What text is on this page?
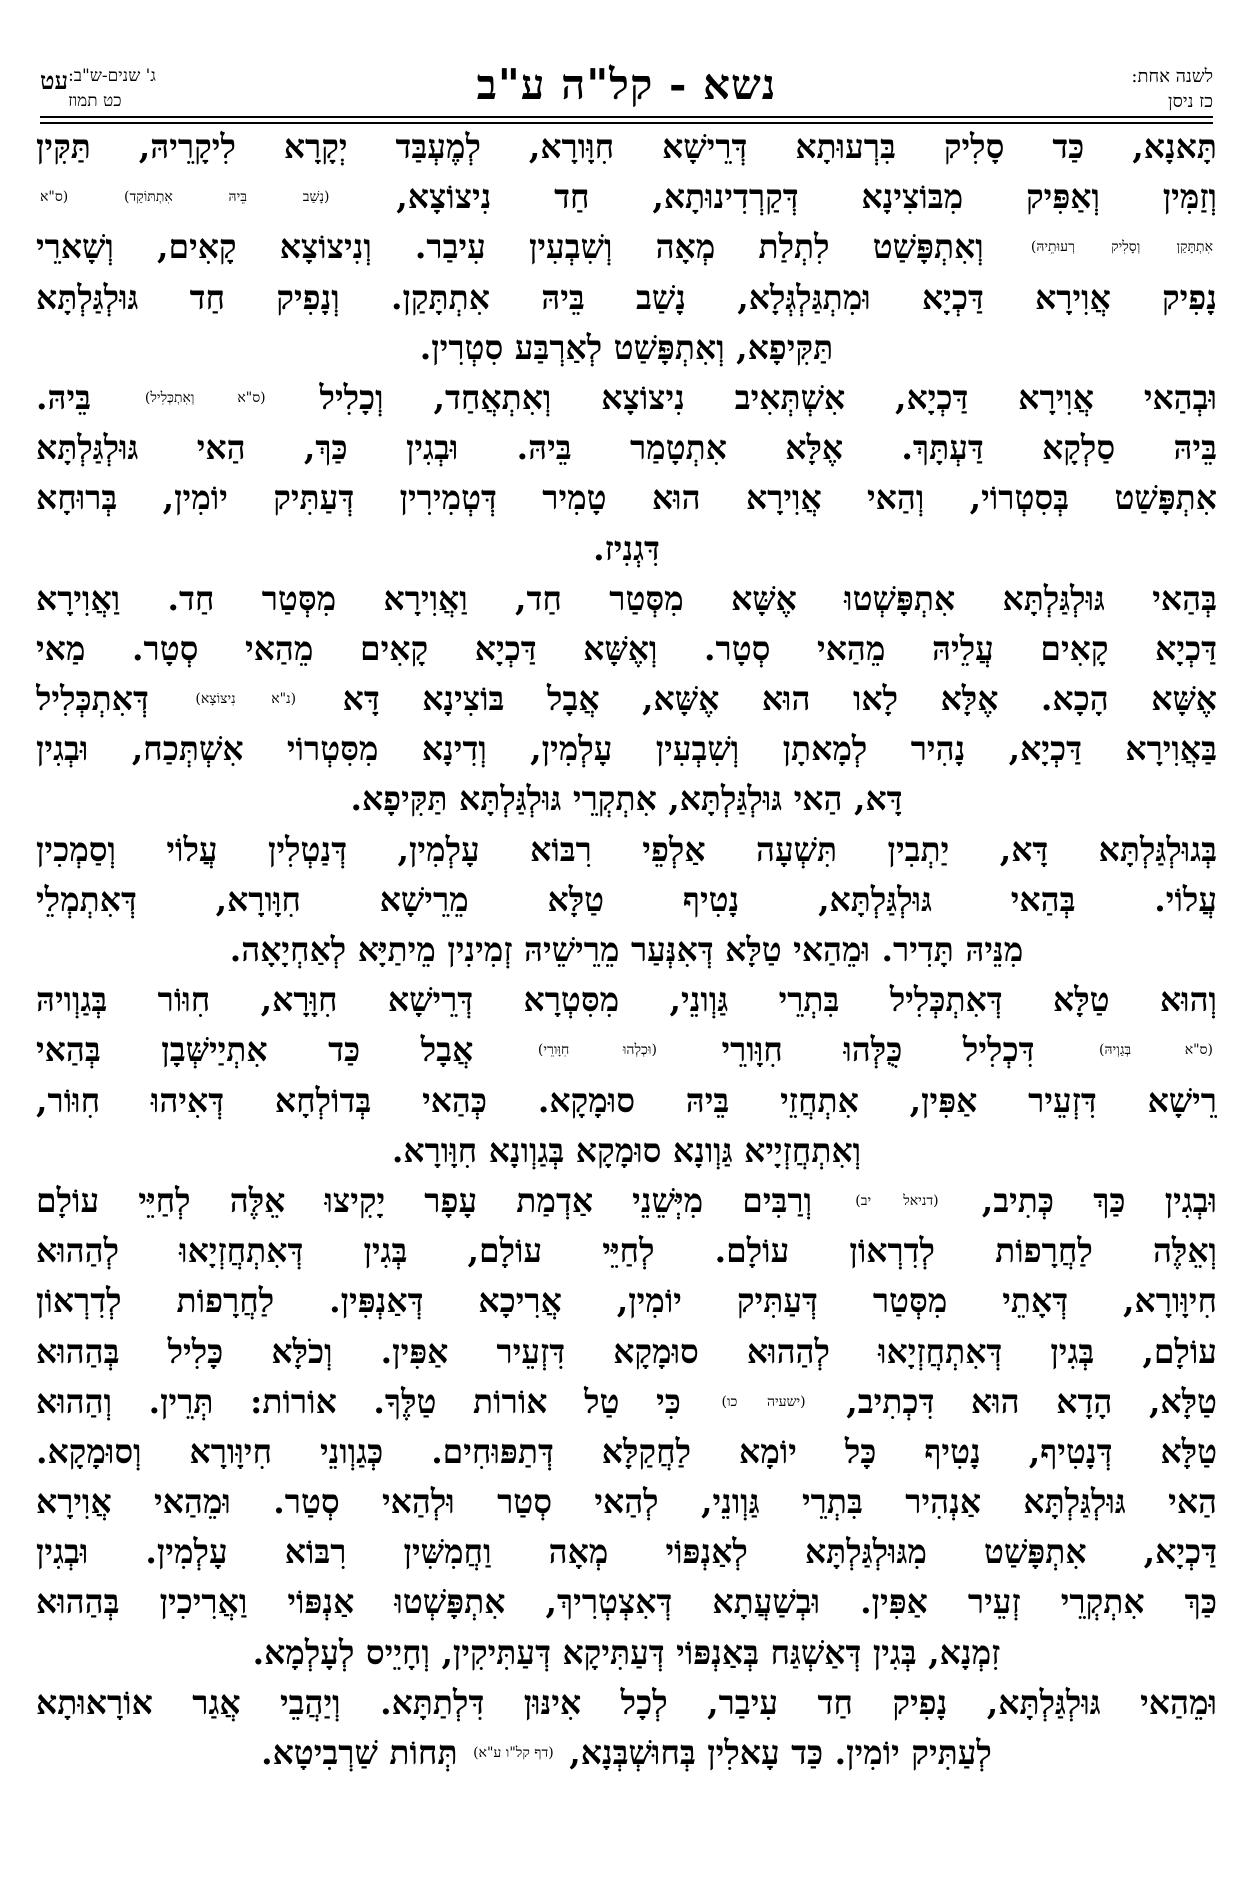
לשנה אחת:
כז ניסן
נשא - קל"ה ע"ב
ג' שנים-ש"ב:
כט תמוז
עט
תָּאנָא, כַּד סָלִיק בִּרְעוּתָא דְּרֵישָׁא חִוָּורָא, לְמֶעְבַּד יְקָרָא לִיקָרֵיהּ, תַּקִּין
וְזַמִּין וְאַפִּיק מִבּוֹצִינָא דְּקַרְדִינוּתָא, חַד נִיצוֹצָא, $^{(נָשַׁב בֵּיהּ אִתְתּוֹקַד) (ס"א}$
$^{אִתְתָּקַן וְסָלִיק רְעוּתֵיהּ)}$ וְאִתְפָּשַׁט לִתְלַת מְאָה וְשִׁבְעִין עִיבַר. וְנִיצוֹצָא קָאִים, וְשָׁארֵי
נָפִיק אֲוִירָא דַּכְיָא וּמִתְגַּלְגְּלָא, נָשַׁב בֵּיהּ אִתְתָּקַן. וְנָפִיק חַד גּוּלְגַּלְתָּא
תַּקִּיפָא, וְאִתְפָּשַׁט לְאַרְבַּע סִטְרִין.
וּבְהַאי אֲוִירָא דַּכְיָא, אִשְׁתְּאִיב נִיצוֹצָא וְאִתְאֲחַד, וְכָלִיל $^{(ס"א וְאִתְכְּלִיל)}$ בֵּיהּ.
בֵּיהּ סַלְקָא דַּעְתָּךְ. אֶלָּא אִתְטָמַר בֵּיהּ. וּבְגִין כַּךְ, הַאי גּוּלְגַּלְתָּא
אִתְפָּשַׁט בְּסִטְרוֹי, וְהַאי אֲוִירָא הוּא טָמִיר דְּטְמִירִין דְּעַתִּיק יוֹמִין, בְּרוּחָא
דִּגְנִיז.
בְּהַאי גּוּלְגַּלְתָּא אִתְפָּשְׁטוּ אֶשָּׁא מִסְּטַר חַד, וַאֲוִירָא מִסְּטַר חַד. וַאֲוִירָא
דַּכְיָא קָאִים עֲלֵיהּ מֵהַאי סְטָר. וְאֶשָּׁא דַּכְיָא קָאִים מֵהַאי סְטָר. מַאי
אֶשָּׁא הָכָא. אֶלָּא לָאו הוּא אֶשָּׁא, אֲבָל בּוֹצִינָא דָּא $^{(נ"א נִיצוֹצָא)}$ דְּאִתְכְּלִיל
בַּאֲוִירָא דַּכְיָא, נָהִיר לְמָאתָן וְשִׁבְעִין עָלְמִין, וְדִינָא מִסִּטְרוֹי אִשְׁתְּכַח, וּבְגִין
דָּא, הַאי גּוּלְגַּלְתָּא, אִתְקְרֵי גּוּלְגַּלְתָּא תַּקִּיפָא.
בְּגוּלְגַּלְתָּא דָּא, יַתְבִין תִּשְׁעָה אַלְפֵי רִבּוֹא עָלְמִין, דְּנַטְלִין עֲלוֹי וְסַמְכִין
עֲלוֹי. בְּהַאי גּוּלְגַּלְתָּא, נָטִיף טַלָּא מֵרֵישָׁא חִוָּורָא, דְּאִתְמְלֵי
מִנֵּיהּ תָּדִיר. וּמֵהַאי טַלָּא דְּאִנְּעַר מֵרֵישֵׁיהּ זְמִינִין מֵיתַיָּא לְאַחְיָאָה.
וְהוּא טַלָּא דְּאִתְכְּלִיל בִּתְרֵי גַּוְונֵי, מִסִּטְרָא דְּרֵישָׁא חִוָּרָא, חִוּוֹר בְּגַוְויהּ
$^{(ס"א בְּגַוְיהּ)}$ דִּכְלִיל כֻּלְּהוּ חִוָּורֵי $^{(וּכְלְהוּ חִוָּורֵי)}$ אֲבָל כַּד אִתְיַישְּׁבָן בְּהַאי
רֵישָׁא דִּזְעֵיר אַפִּין, אִתְחֲזֵי בֵּיהּ סוּמָקָא. כְּהַאי בְּדוֹלְחָא דְּאִיהוּ חִוּוֹר,
וְאִתְחֲזְיָיא גַּוְונָא סוּמָקָא בְּגַוְונָא חִוָּורָא.
וּבְגִין כַּךְ כְּתִיב, $^{(דניאל יב)}$ וְרַבִּים מִיְּשֵׁנֵי אַדְמַת עָפָר יָקִיצוּ אֵלֶּה לְחַיֵּי עוֹלָם
וְאֵלֶּה לַחֲרָפוֹת לְדִרְאוֹן עוֹלָם. לְחַיֵּי עוֹלָם, בְּגִין דְּאִתְחֲזְיָאוּ לְהַהוּא
חִיוָּורָא, דְּאָתֵי מִסְּטַר דְּעַתִּיק יוֹמִין, אֲרִיכָא דְּאַנְפִּין. לַחֲרָפוֹת לְדִרְאוֹן
עוֹלָם, בְּגִין דְּאִתְחֲזְיָאוּ לְהַהוּא סוּמָקָא דִּזְעֵיר אַפִּין. וְכֹלָּא כָּלִיל בְּהַהוּא
טַלָּא, הָדָא הוּא דִּכְתִיב, $^{(ישעיה כו)}$ כִּי טַל אוֹרוֹת טַלֶּךָ. אוֹרוֹת: תְּרֵין. וְהַהוּא
טַלָּא דְּנָטִיף, נָטִיף כָּל יוֹמָא לַחֲקַלָּא דְּתַפּוּחִים. כְּגַוְונֵי חִיוָּורָא וְסוּמָקָא.
הַאי גּוּלְגַּלְתָּא אַנְהִיר בִּתְרֵי גַּוְונֵי, לְהַאי סְטַר וּלְהַאי סְטַר. וּמֵהַאי אֲוִירָא
דַּכְיָא, אִתְפָּשַׁט מִגּוּלְגַּלְתָּא לְאַנְפּוֹי מְאָה וַחֲמִשִּׁין רִבּוֹא עָלְמִין. וּבְגִין
כַּךְ אִתְקְרֵי זְעֵיר אַפִּין. וּבְשַׁעֲתָא דְּאִצְטְרִיךְ, אִתְפָּשְׁטוּ אַנְפּוֹי וַאֲרִיכִין בְּהַהוּא
זִמְנָא, בְּגִין דְּאַשְׁגַּח בְּאַנְפּוֹי דְּעַתִּיקָא דְּעַתִּיקִין, וְחָיֵיס לְעָלְמָא.
וּמֵהַאי גּוּלְגַּלְתָּא, נָפִיק חַד עִיבַר, לְכָל אִינּוּן דִּלְתַתָּא. וְיַהֲבֵי אֲגַר אוֹרָאוּתָא
לְעַתִּיק יוֹמִין. כַּד עָאלִין בְּחוּשְׁבְּנָא, $^{(דף קל"ו ע"א)}$ תְּחוֹת שַׁרְבִיטָא.
